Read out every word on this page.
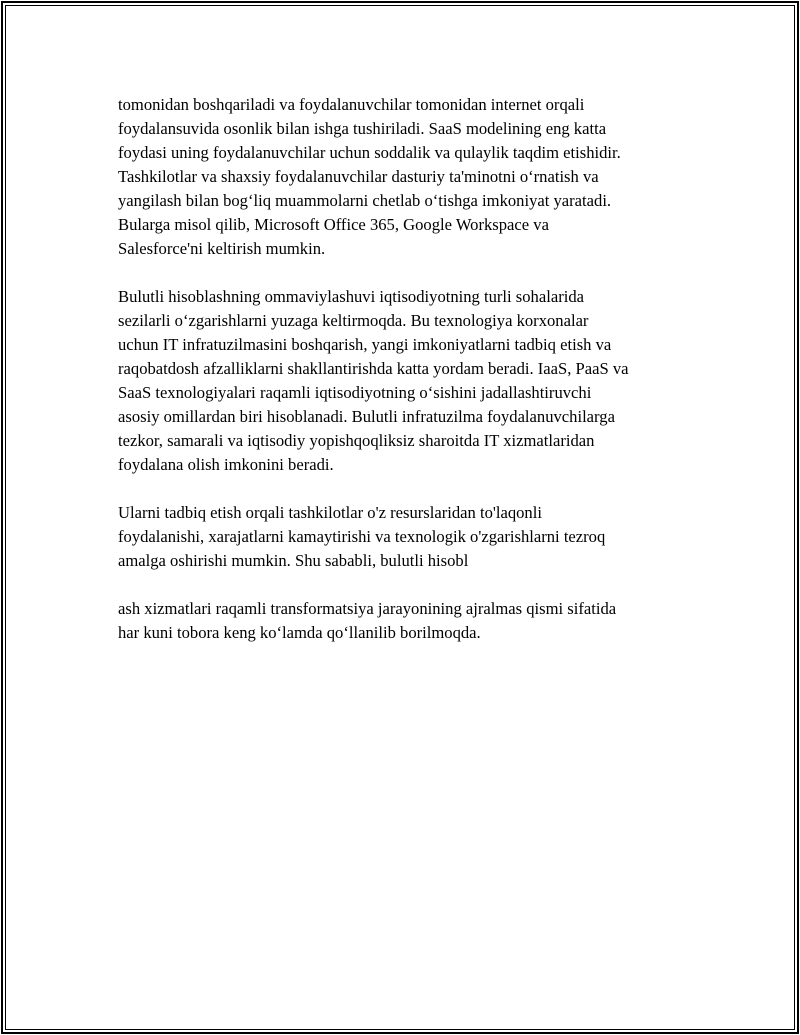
tomonidan boshqariladi va foydalanuvchilar tomonidan internet orqali
foydalansuvida osonlik bilan ishga tushiriladi. SaaS modelining eng katta
foydasi uning foydalanuvchilar uchun soddalik va qulaylik taqdim etishidir.
Tashkilotlar va shaxsiy foydalanuvchilar dasturiy ta'minotni o‘rnatish va
yangilash bilan bog‘liq muammolarni chetlab o‘tishga imkoniyat yaratadi.
Bularga misol qilib, Microsoft Office 365, Google Workspace va
Salesforce'ni keltirish mumkin.

Bulutli hisoblashning ommaviylashuvi iqtisodiyotning turli sohalarida
sezilarli o‘zgarishlarni yuzaga keltirmoqda. Bu texnologiya korxonalar
uchun IT infratuzilmasini boshqarish, yangi imkoniyatlarni tadbiq etish va
raqobatdosh afzalliklarni shakllantirishda katta yordam beradi. IaaS, PaaS va
SaaS texnologiyalari raqamli iqtisodiyotning o‘sishini jadallashtiruvchi
asosiy omillardan biri hisoblanadi. Bulutli infratuzilma foydalanuvchilarga
tezkor, samarali va iqtisodiy yopishqoqliksiz sharoitda IT xizmatlaridan
foydalana olish imkonini beradi.

Ularni tadbiq etish orqali tashkilotlar o'z resurslaridan to'laqonli
foydalanishi, xarajatlarni kamaytirishi va texnologik o'zgarishlarni tezroq
amalga oshirishi mumkin. Shu sababli, bulutli hisobl

ash xizmatlari raqamli transformatsiya jarayonining ajralmas qismi sifatida
har kuni tobora keng ko‘lamda qo‘llanilib borilmoqda.
